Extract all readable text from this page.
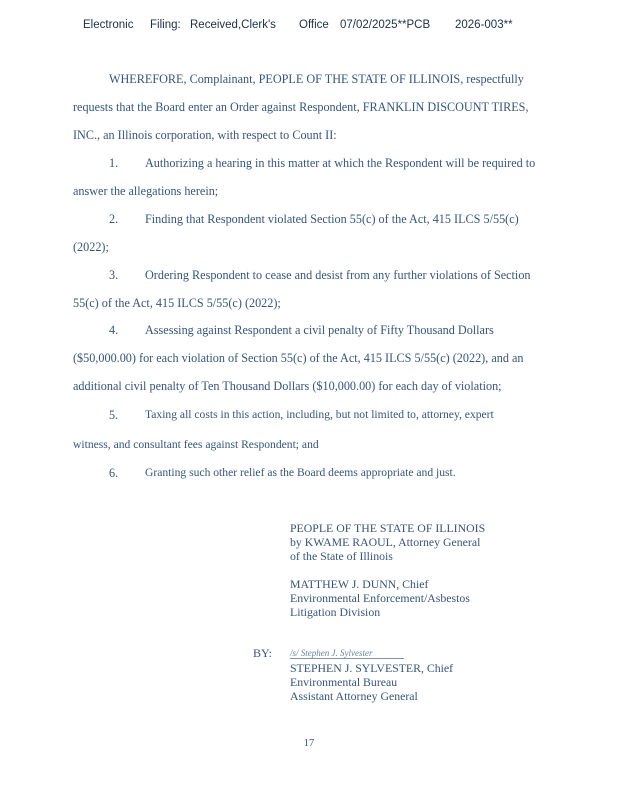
Electronic Filing: Received,Clerk's Office 07/02/2025**PCB 2026-003**
WHEREFORE, Complainant, PEOPLE OF THE STATE OF ILLINOIS, respectfully
requests that the Board enter an Order against Respondent, FRANKLIN DISCOUNT TIRES,
INC., an Illinois corporation, with respect to Count II:
1. Authorizing a hearing in this matter at which the Respondent will be required to
answer the allegations herein;
2. Finding that Respondent violated Section 55(c) of the Act, 415 ILCS 5/55(c)
(2022);
3. Ordering Respondent to cease and desist from any further violations of Section
55(c) of the Act, 415 ILCS 5/55(c) (2022);
4. Assessing against Respondent a civil penalty of Fifty Thousand Dollars
($50,000.00) for each violation of Section 55(c) of the Act, 415 ILCS 5/55(c) (2022), and an
additional civil penalty of Ten Thousand Dollars ($10,000.00) for each day of violation;
5. Taxing all costs in this action, including, but not limited to, attorney, expert
witness, and consultant fees against Respondent; and
6. Granting such other relief as the Board deems appropriate and just.
PEOPLE OF THE STATE OF ILLINOIS
by KWAME RAOUL, Attorney General
of the State of Illinois
MATTHEW J. DUNN, Chief
Environmental Enforcement/Asbestos
Litigation Division
BY: /s/ Stephen J. Sylvester
STEPHEN J. SYLVESTER, Chief
Environmental Bureau
Assistant Attorney General
17
